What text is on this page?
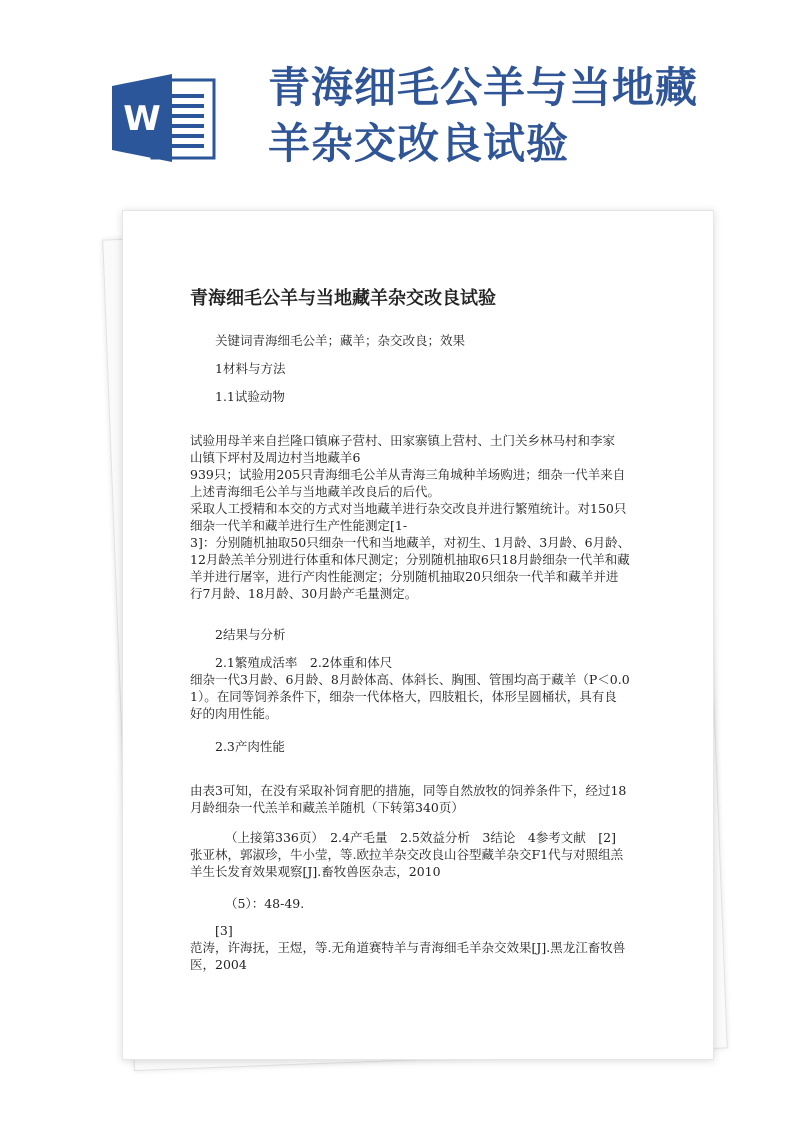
W
青海细毛公羊与当地藏
羊杂交改良试验
青海细毛公羊与当地藏羊杂交改良试验
关键词青海细毛公羊；藏羊；杂交改良；效果
1材料与方法
1.1试验动物
试验用母羊来自拦隆口镇麻子营村、田家寨镇上营村、土门关乡林马村和李家
山镇下坪村及周边村当地藏羊6
939只；试验用205只青海细毛公羊从青海三角城种羊场购进；细杂一代羊来自
上述青海细毛公羊与当地藏羊改良后的后代。
采取人工授精和本交的方式对当地藏羊进行杂交改良并进行繁殖统计。对150只
细杂一代羊和藏羊进行生产性能测定[1-
3]：分别随机抽取50只细杂一代和当地藏羊，对初生、1月龄、3月龄、6月龄、
12月龄羔羊分别进行体重和体尺测定；分别随机抽取6只18月龄细杂一代羊和藏
羊并进行屠宰，进行产肉性能测定；分别随机抽取20只细杂一代羊和藏羊并进
行7月龄、18月龄、30月龄产毛量测定。
2结果与分析
2.1繁殖成活率　2.2体重和体尺
细杂一代3月龄、6月龄、8月龄体高、体斜长、胸围、管围均高于藏羊（P＜0.0
1）。在同等饲养条件下，细杂一代体格大，四肢粗长，体形呈圆桶状，具有良
好的肉用性能。
2.3产肉性能
由表3可知，在没有采取补饲育肥的措施，同等自然放牧的饲养条件下，经过18
月龄细杂一代羔羊和藏羔羊随机（下转第340页）
（上接第336页）　2.4产毛量　2.5效益分析　3结论　4参考文献　[2]
张亚林，郭淑珍，牛小莹，等.欧拉羊杂交改良山谷型藏羊杂交F1代与对照组羔
羊生长发育效果观察[J].畜牧兽医杂志，2010
（5）：48-49.
[3]
范涛，许海抚，王煜，等.无角道赛特羊与青海细毛羊杂交效果[J].黑龙江畜牧兽
医，2004
